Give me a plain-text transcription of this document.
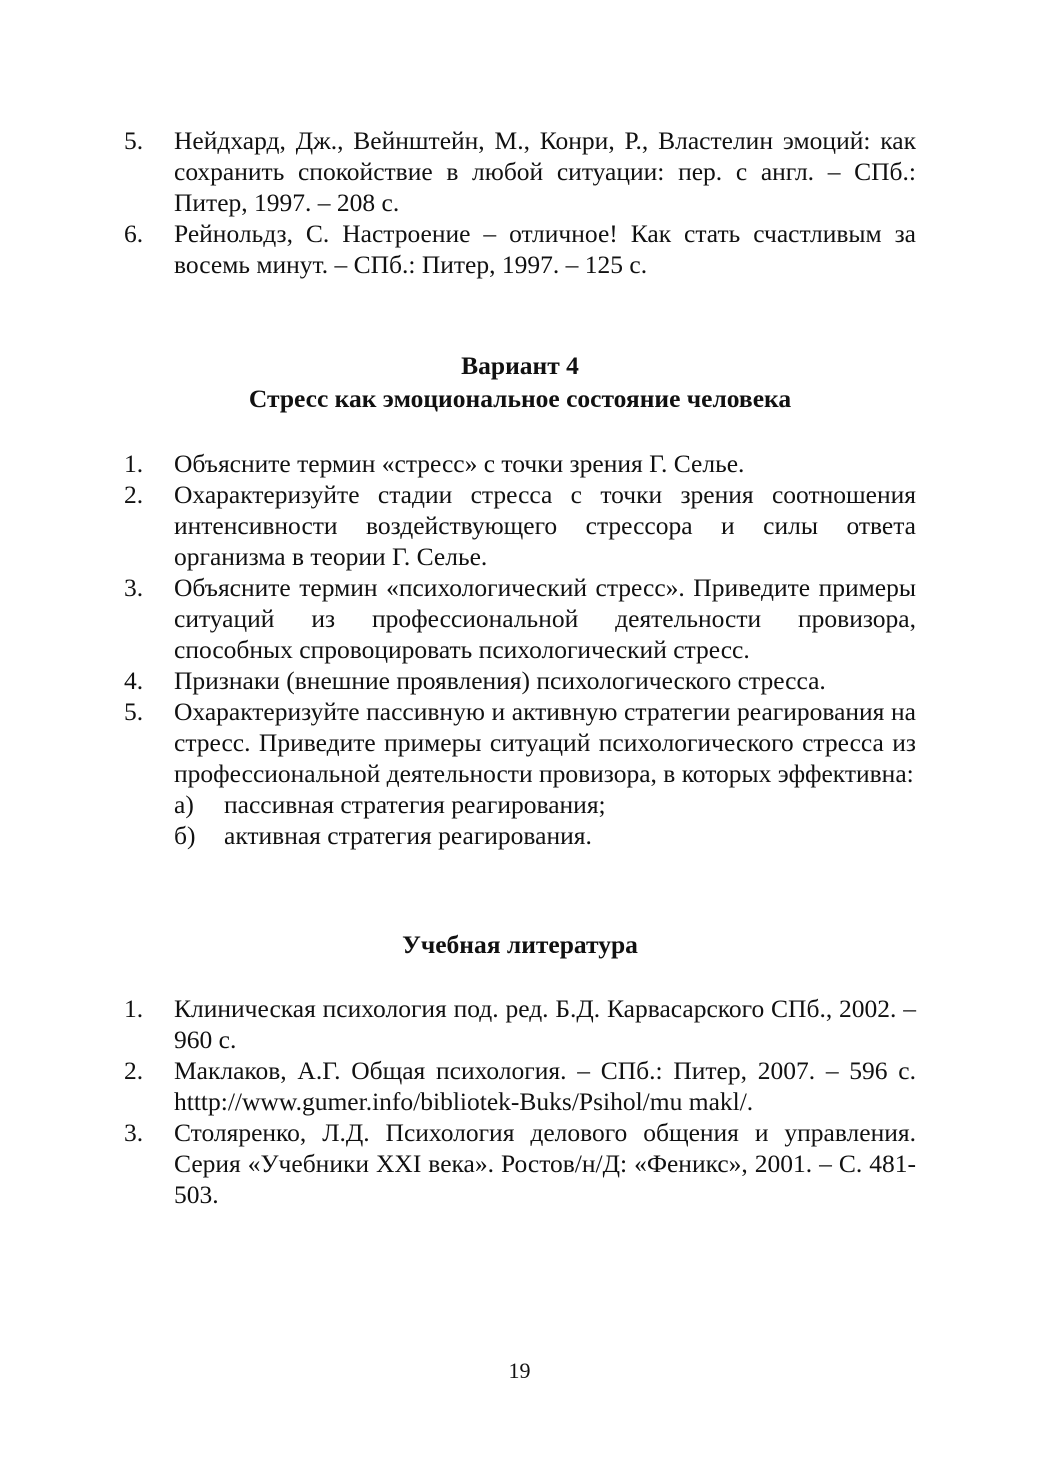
5. Нейдхард, Дж., Вейнштейн, М., Конри, Р., Властелин эмоций: как сохранить спокойствие в любой ситуации: пер. с англ. – СПб.: Питер, 1997. – 208 с.
6. Рейнольдз, С. Настроение – отличное! Как стать счастливым за восемь минут. – СПб.: Питер, 1997. – 125 с.
Вариант 4
Стресс как эмоциональное состояние человека
1. Объясните термин «стресс» с точки зрения Г. Селье.
2. Охарактеризуйте стадии стресса с точки зрения соотношения интенсивности воздействующего стрессора и силы ответа организма в теории Г. Селье.
3. Объясните термин «психологический стресс». Приведите примеры ситуаций из профессиональной деятельности провизора, способных спровоцировать психологический стресс.
4. Признаки (внешние проявления) психологического стресса.
5. Охарактеризуйте пассивную и активную стратегии реагирования на стресс. Приведите примеры ситуаций психологического стресса из профессиональной деятельности провизора, в которых эффективна:
а) пассивная стратегия реагирования;
б) активная стратегия реагирования.
Учебная литература
1. Клиническая психология под. ред. Б.Д. Карвасарского СПб., 2002. – 960 с.
2. Маклаков, А.Г. Общая психология. – СПб.: Питер, 2007. – 596 с. htttp://www.gumer.info/bibliotek-Buks/Psihol/mu makl/.
3. Столяренко, Л.Д. Психология делового общения и управления. Серия «Учебники XXI века». Ростов/н/Д: «Феникс», 2001. – С. 481-503.
19
